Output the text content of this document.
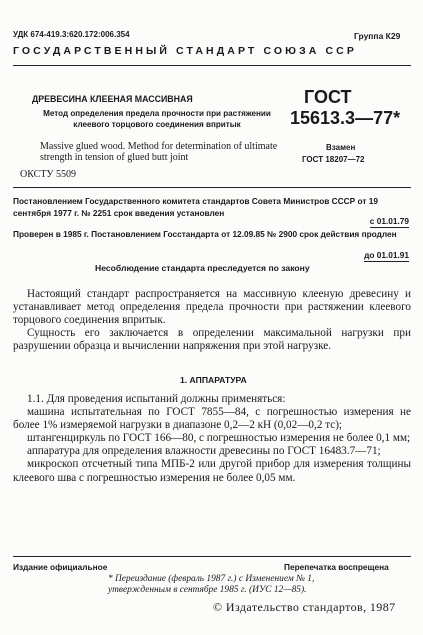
УДК 674-419.3:620.172:006.354	Группа К29
ГОСУДАРСТВЕННЫЙ СТАНДАРТ СОЮЗА ССР
ДРЕВЕСИНА КЛЕЕНАЯ МАССИВНАЯ
Метод определения предела прочности при растяжении клеевого торцового соединения впритык
Massive glued wood. Method for determination of ultimate strength in tension of glued butt joint
ОКСТУ 5509
ГОСТ
15613.3—77*
Взамен
ГОСТ 18207—72
Постановлением Государственного комитета стандартов Совета Министров СССР от 19 сентября 1977 г. № 2251 срок введения установлен
с 01.01.79
Проверен в 1985 г. Постановлением Госстандарта от 12.09.85 № 2900 срок действия продлен
до 01.01.91
Несоблюдение стандарта преследуется по закону

Настоящий стандарт распространяется на массивную клееную древесину и устанавливает метод определения предела прочности при растяжении клеевого торцового соединения впритык.

Сущность его заключается в определении максимальной нагрузки при разрушении образца и вычислении напряжения при этой нагрузке.

1. АППАРАТУРА

1.1. Для проведения испытаний должны применяться:

машина испытательная по ГОСТ 7855—84, с погрешностью измерения не более 1% измеряемой нагрузки в диапазоне 0,2—2 кН (0,02—0,2 тс);

штангенциркуль по ГОСТ 166—80, с погрешностью измерения не более 0,1 мм;

аппаратура для определения влажности древесины по ГОСТ 16483.7—71;

микроскоп отсчетный типа МПБ-2 или другой прибор для измерения толщины клеевого шва с погрешностью измерения не более 0,05 мм.

Издание официальное	Перепечатка воспрещена
* Переиздание (февраль 1987 г.) с Изменением № 1, утвержденным в сентябре 1985 г. (ИУС 12—85).
© Издательство стандартов, 1987
